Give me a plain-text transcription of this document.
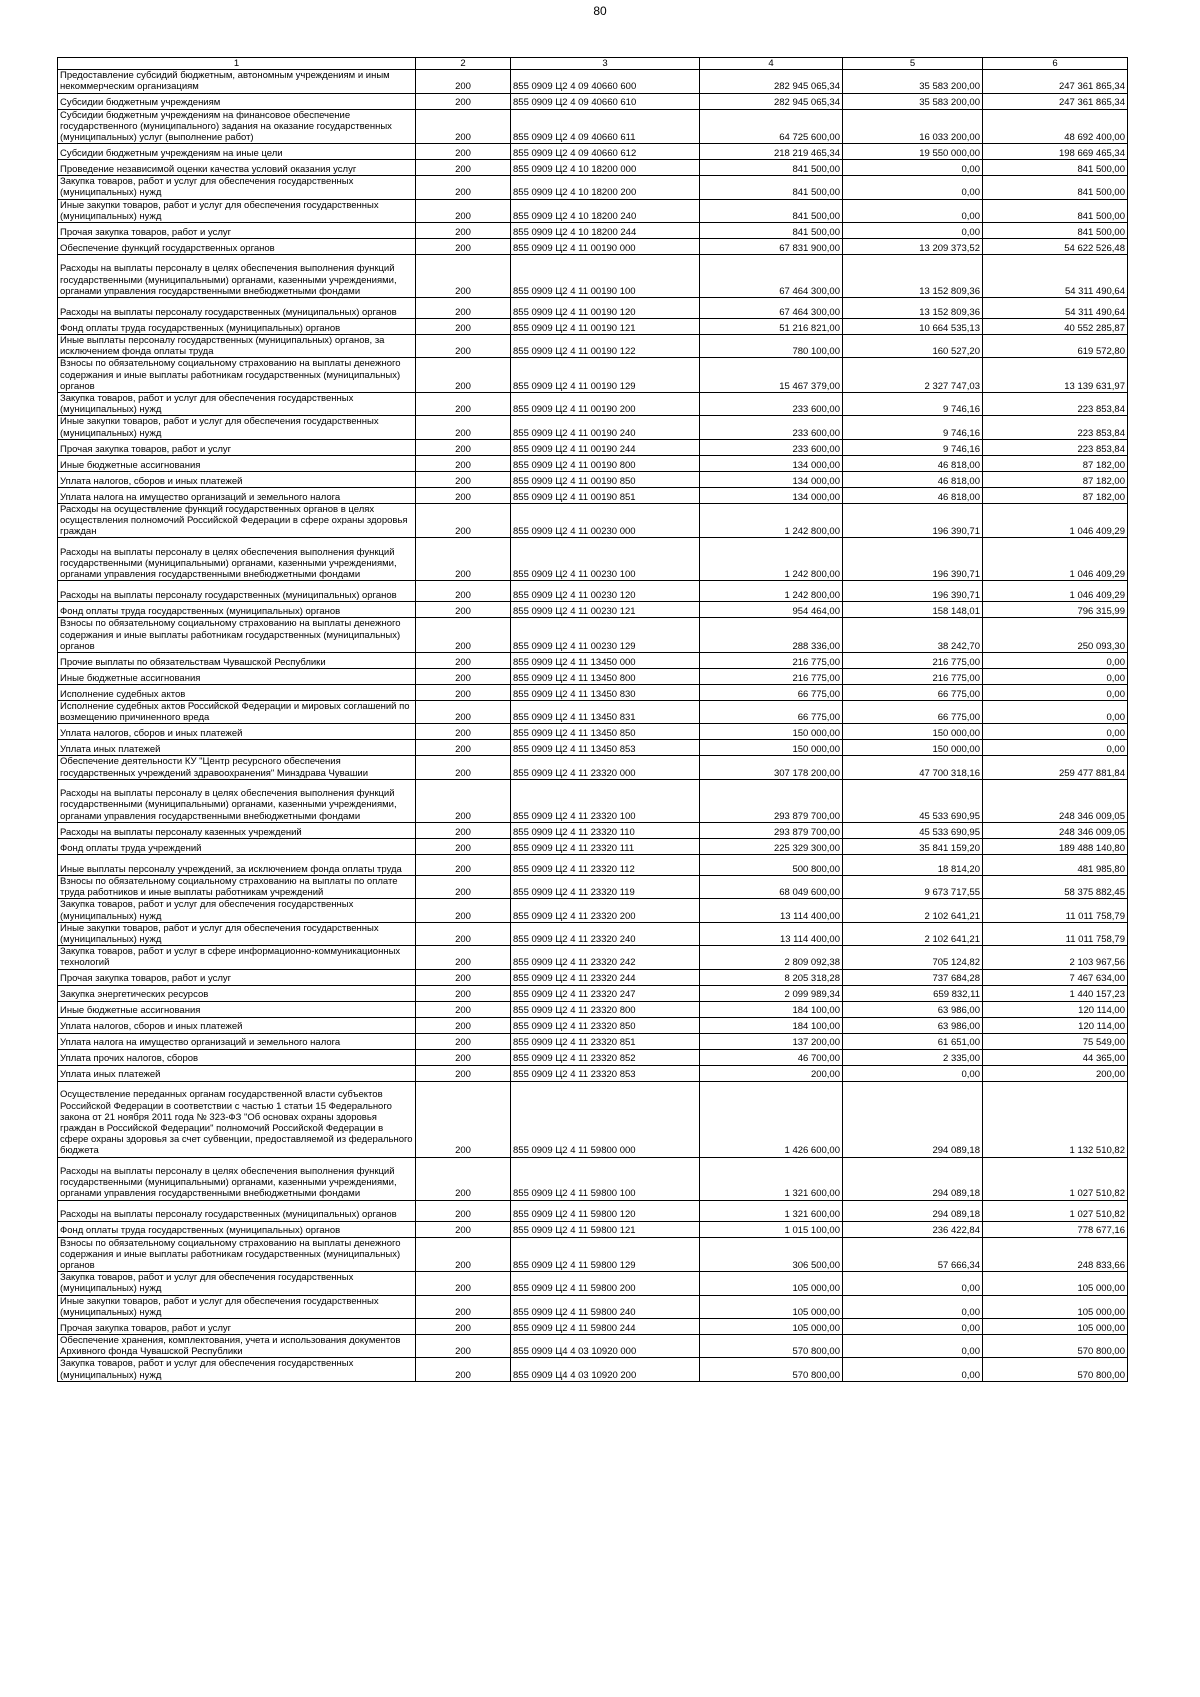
80
1	2	3	4	5	6
Предоставление субсидий бюджетным, автономным учреждениям и иным некоммерческим организациям	200	855 0909 Ц2 4 09 40660 600	282 945 065,34	35 583 200,00	247 361 865,34
Субсидии бюджетным учреждениям	200	855 0909 Ц2 4 09 40660 610	282 945 065,34	35 583 200,00	247 361 865,34
Субсидии бюджетным учреждениям на финансовое обеспечение государственного (муниципального) задания на оказание государственных (муниципальных) услуг (выполнение работ)	200	855 0909 Ц2 4 09 40660 611	64 725 600,00	16 033 200,00	48 692 400,00
Субсидии бюджетным учреждениям на иные цели	200	855 0909 Ц2 4 09 40660 612	218 219 465,34	19 550 000,00	198 669 465,34
Проведение независимой оценки качества условий оказания услуг	200	855 0909 Ц2 4 10 18200 000	841 500,00	0,00	841 500,00
Закупка товаров, работ и услуг для обеспечения государственных (муниципальных) нужд	200	855 0909 Ц2 4 10 18200 200	841 500,00	0,00	841 500,00
Иные закупки товаров, работ и услуг для обеспечения государственных (муниципальных) нужд	200	855 0909 Ц2 4 10 18200 240	841 500,00	0,00	841 500,00
Прочая закупка товаров, работ и услуг	200	855 0909 Ц2 4 10 18200 244	841 500,00	0,00	841 500,00
Обеспечение функций государственных органов	200	855 0909 Ц2 4 11 00190 000	67 831 900,00	13 209 373,52	54 622 526,48
Расходы на выплаты персоналу в целях обеспечения выполнения функций государственными (муниципальными) органами, казенными учреждениями, органами управления государственными внебюджетными фондами	200	855 0909 Ц2 4 11 00190 100	67 464 300,00	13 152 809,36	54 311 490,64
Расходы на выплаты персоналу государственных (муниципальных) органов	200	855 0909 Ц2 4 11 00190 120	67 464 300,00	13 152 809,36	54 311 490,64
Фонд оплаты труда государственных (муниципальных) органов	200	855 0909 Ц2 4 11 00190 121	51 216 821,00	10 664 535,13	40 552 285,87
Иные выплаты персоналу государственных (муниципальных) органов, за исключением фонда оплаты труда	200	855 0909 Ц2 4 11 00190 122	780 100,00	160 527,20	619 572,80
Взносы по обязательному социальному страхованию на выплаты денежного содержания и иные выплаты работникам государственных (муниципальных) органов	200	855 0909 Ц2 4 11 00190 129	15 467 379,00	2 327 747,03	13 139 631,97
Закупка товаров, работ и услуг для обеспечения государственных (муниципальных) нужд	200	855 0909 Ц2 4 11 00190 200	233 600,00	9 746,16	223 853,84
Иные закупки товаров, работ и услуг для обеспечения государственных (муниципальных) нужд	200	855 0909 Ц2 4 11 00190 240	233 600,00	9 746,16	223 853,84
Прочая закупка товаров, работ и услуг	200	855 0909 Ц2 4 11 00190 244	233 600,00	9 746,16	223 853,84
Иные бюджетные ассигнования	200	855 0909 Ц2 4 11 00190 800	134 000,00	46 818,00	87 182,00
Уплата налогов, сборов и иных платежей	200	855 0909 Ц2 4 11 00190 850	134 000,00	46 818,00	87 182,00
Уплата налога на имущество организаций и земельного налога	200	855 0909 Ц2 4 11 00190 851	134 000,00	46 818,00	87 182,00
Расходы на осуществление функций государственных органов в целях осуществления полномочий Российской Федерации в сфере охраны здоровья граждан	200	855 0909 Ц2 4 11 00230 000	1 242 800,00	196 390,71	1 046 409,29
Расходы на выплаты персоналу в целях обеспечения выполнения функций государственными (муниципальными) органами, казенными учреждениями, органами управления государственными внебюджетными фондами	200	855 0909 Ц2 4 11 00230 100	1 242 800,00	196 390,71	1 046 409,29
Расходы на выплаты персоналу государственных (муниципальных) органов	200	855 0909 Ц2 4 11 00230 120	1 242 800,00	196 390,71	1 046 409,29
Фонд оплаты труда государственных (муниципальных) органов	200	855 0909 Ц2 4 11 00230 121	954 464,00	158 148,01	796 315,99
Взносы по обязательному социальному страхованию на выплаты денежного содержания и иные выплаты работникам государственных (муниципальных) органов	200	855 0909 Ц2 4 11 00230 129	288 336,00	38 242,70	250 093,30
Прочие выплаты по обязательствам Чувашской Республики	200	855 0909 Ц2 4 11 13450 000	216 775,00	216 775,00	0,00
Иные бюджетные ассигнования	200	855 0909 Ц2 4 11 13450 800	216 775,00	216 775,00	0,00
Исполнение судебных актов	200	855 0909 Ц2 4 11 13450 830	66 775,00	66 775,00	0,00
Исполнение судебных актов Российской Федерации и мировых соглашений по возмещению причиненного вреда	200	855 0909 Ц2 4 11 13450 831	66 775,00	66 775,00	0,00
Уплата налогов, сборов и иных платежей	200	855 0909 Ц2 4 11 13450 850	150 000,00	150 000,00	0,00
Уплата иных платежей	200	855 0909 Ц2 4 11 13450 853	150 000,00	150 000,00	0,00
Обеспечение деятельности КУ "Центр ресурсного обеспечения государственных учреждений здравоохранения" Минздрава Чувашии	200	855 0909 Ц2 4 11 23320 000	307 178 200,00	47 700 318,16	259 477 881,84
Расходы на выплаты персоналу в целях обеспечения выполнения функций государственными (муниципальными) органами, казенными учреждениями, органами управления государственными внебюджетными фондами	200	855 0909 Ц2 4 11 23320 100	293 879 700,00	45 533 690,95	248 346 009,05
Расходы на выплаты персоналу казенных учреждений	200	855 0909 Ц2 4 11 23320 110	293 879 700,00	45 533 690,95	248 346 009,05
Фонд оплаты труда учреждений	200	855 0909 Ц2 4 11 23320 111	225 329 300,00	35 841 159,20	189 488 140,80
Иные выплаты персоналу учреждений, за исключением фонда оплаты труда	200	855 0909 Ц2 4 11 23320 112	500 800,00	18 814,20	481 985,80
Взносы по обязательному социальному страхованию на выплаты по оплате труда работников и иные выплаты работникам учреждений	200	855 0909 Ц2 4 11 23320 119	68 049 600,00	9 673 717,55	58 375 882,45
Закупка товаров, работ и услуг для обеспечения государственных (муниципальных) нужд	200	855 0909 Ц2 4 11 23320 200	13 114 400,00	2 102 641,21	11 011 758,79
Иные закупки товаров, работ и услуг для обеспечения государственных (муниципальных) нужд	200	855 0909 Ц2 4 11 23320 240	13 114 400,00	2 102 641,21	11 011 758,79
Закупка товаров, работ и услуг в сфере информационно-коммуникационных технологий	200	855 0909 Ц2 4 11 23320 242	2 809 092,38	705 124,82	2 103 967,56
Прочая закупка товаров, работ и услуг	200	855 0909 Ц2 4 11 23320 244	8 205 318,28	737 684,28	7 467 634,00
Закупка энергетических ресурсов	200	855 0909 Ц2 4 11 23320 247	2 099 989,34	659 832,11	1 440 157,23
Иные бюджетные ассигнования	200	855 0909 Ц2 4 11 23320 800	184 100,00	63 986,00	120 114,00
Уплата налогов, сборов и иных платежей	200	855 0909 Ц2 4 11 23320 850	184 100,00	63 986,00	120 114,00
Уплата налога на имущество организаций и земельного налога	200	855 0909 Ц2 4 11 23320 851	137 200,00	61 651,00	75 549,00
Уплата прочих налогов, сборов	200	855 0909 Ц2 4 11 23320 852	46 700,00	2 335,00	44 365,00
Уплата иных платежей	200	855 0909 Ц2 4 11 23320 853	200,00	0,00	200,00
Осуществление переданных органам государственной власти субъектов Российской Федерации в соответствии с частью 1 статьи 15 Федерального закона от 21 ноября 2011 года № 323-ФЗ "Об основах охраны здоровья граждан в Российской Федерации" полномочий Российской Федерации в сфере охраны здоровья за счет субвенции, предоставляемой из федерального бюджета	200	855 0909 Ц2 4 11 59800 000	1 426 600,00	294 089,18	1 132 510,82
Расходы на выплаты персоналу в целях обеспечения выполнения функций государственными (муниципальными) органами, казенными учреждениями, органами управления государственными внебюджетными фондами	200	855 0909 Ц2 4 11 59800 100	1 321 600,00	294 089,18	1 027 510,82
Расходы на выплаты персоналу государственных (муниципальных) органов	200	855 0909 Ц2 4 11 59800 120	1 321 600,00	294 089,18	1 027 510,82
Фонд оплаты труда государственных (муниципальных) органов	200	855 0909 Ц2 4 11 59800 121	1 015 100,00	236 422,84	778 677,16
Взносы по обязательному социальному страхованию на выплаты денежного содержания и иные выплаты работникам государственных (муниципальных) органов	200	855 0909 Ц2 4 11 59800 129	306 500,00	57 666,34	248 833,66
Закупка товаров, работ и услуг для обеспечения государственных (муниципальных) нужд	200	855 0909 Ц2 4 11 59800 200	105 000,00	0,00	105 000,00
Иные закупки товаров, работ и услуг для обеспечения государственных (муниципальных) нужд	200	855 0909 Ц2 4 11 59800 240	105 000,00	0,00	105 000,00
Прочая закупка товаров, работ и услуг	200	855 0909 Ц2 4 11 59800 244	105 000,00	0,00	105 000,00
Обеспечение хранения, комплектования, учета и использования документов Архивного фонда Чувашской Республики	200	855 0909 Ц4 4 03 10920 000	570 800,00	0,00	570 800,00
Закупка товаров, работ и услуг для обеспечения государственных (муниципальных) нужд	200	855 0909 Ц4 4 03 10920 200	570 800,00	0,00	570 800,00
